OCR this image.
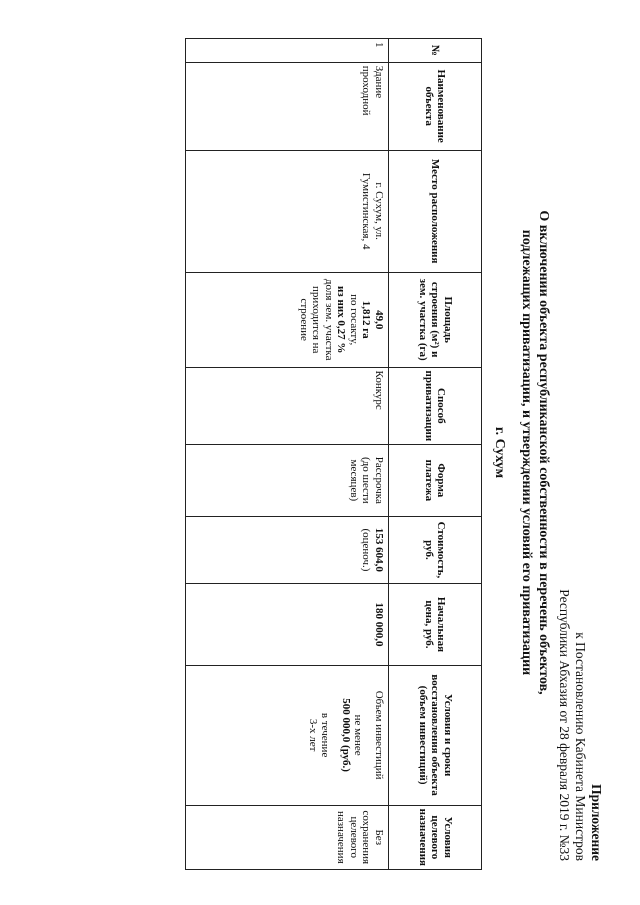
Приложение
к Постановлению Кабинета Министров
Республики Абхазия от 28 февраля 2019 г. №33
О включении объекта республиканской собственности в перечень объектов,
подлежащих приватизации, и утверждении условий его приватизации
г. Сухум
№	Наименование объекта	Место расположения	Площадь строения (м²) и зем. участка (га)	Способ приватизации	Форма платежа	Стоимость, руб.	Начальная цена, руб.	Условия и сроки восстановления объекта (объем инвестиций)	Условия целевого назначения
1	Здание проходной	г. Сухум, ул. Гумистинская, 4	49,0
1,812 га
по госакту,
из них 0,27 %
доля зем. участка приходится на строение	Конкурс	Рассрочка (до шести месяцев)	153 604,0
(оценоч.)	180 000,0	Объем инвестиций
не менее
500 000,0 (руб.)
в течение
3-х лет	Без сохранения целевого назначения
